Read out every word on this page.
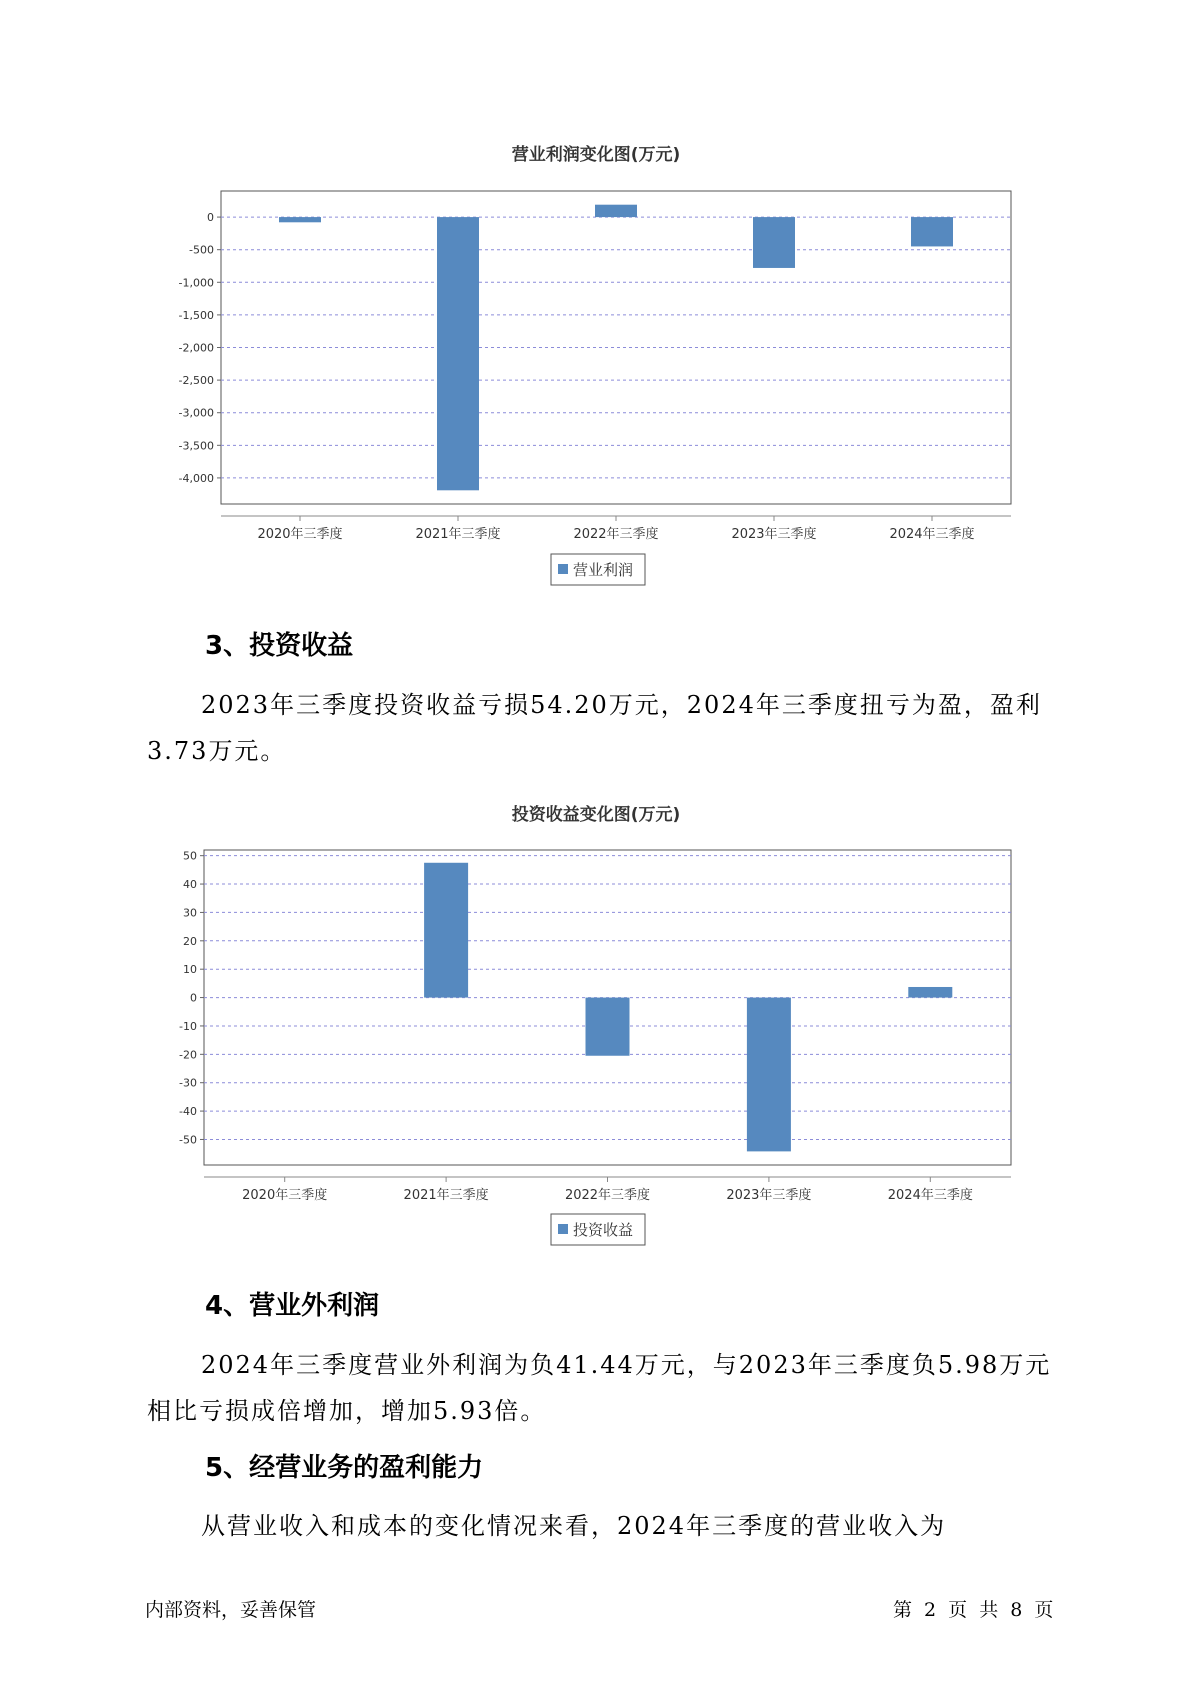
营业利润变化图(万元)
0
-500
-1,000
-1,500
-2,000
-2,500
-3,000
-3,500
-4,000
2020年三季度	2021年三季度	2022年三季度	2023年三季度	2024年三季度
营业利润
3、投资收益

2023年三季度投资收益亏损54.20万元，2024年三季度扭亏为盈，盈利
3.73万元。

投资收益变化图(万元)
50
40
30
20
10
0
-10
-20
-30
-40
-50
2020年三季度	2021年三季度	2022年三季度	2023年三季度	2024年三季度
投资收益
4、营业外利润

2024年三季度营业外利润为负41.44万元，与2023年三季度负5.98万元
相比亏损成倍增加，增加5.93倍。

5、经营业务的盈利能力

从营业收入和成本的变化情况来看，2024年三季度的营业收入为

内部资料，妥善保管	第 2 页 共 8 页
